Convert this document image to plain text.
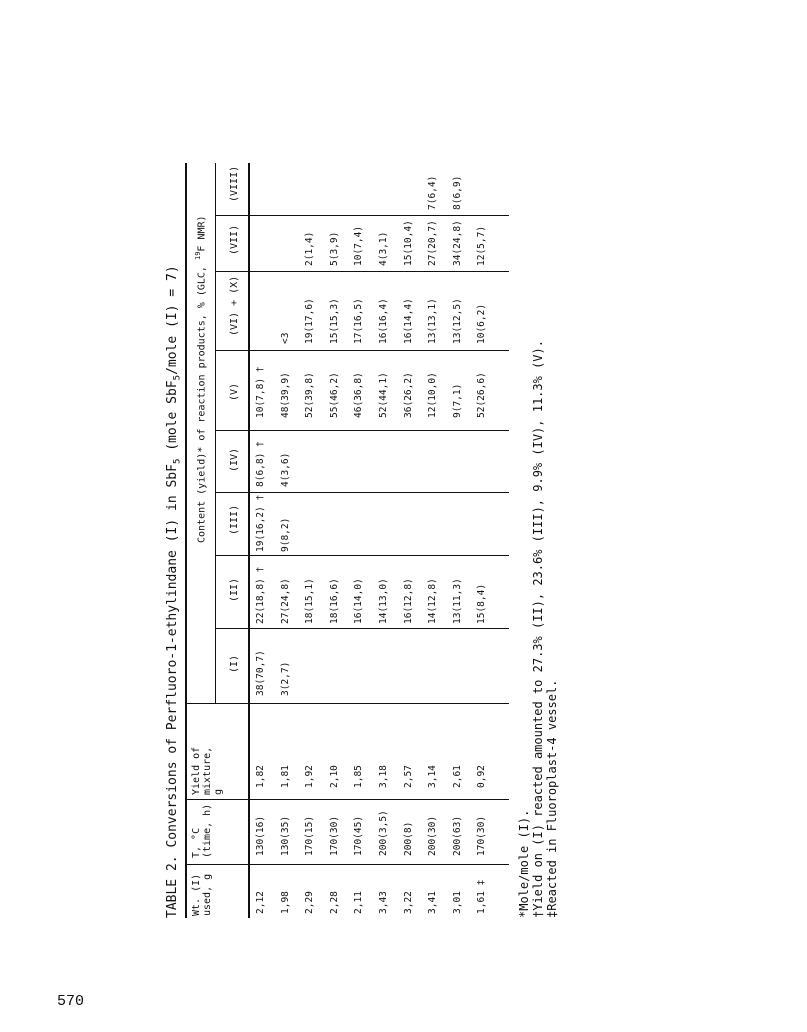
570
TABLE 2. Conversions of Perfluoro-1-ethylindane (I) in SbF$_5$ (mole SbF$_5$/mole (I) = 7)
Wt. (I) used, g
T, °C (time, h)
Yield of mixture, g
Content (yield)* of reaction products, % (GLC, $^{19}$F NMR)
(I)
(II)
(III)
(IV)
(V)
(VI) + (X)
(VII)
(VIII)
2,12
130(16)
1,82
38(70,7)
22(18,8) †
19(16,2) †
8(6,8) †
10(7,8) †
1,98
130(35)
1,81
3(2,7)
27(24,8)
9(8,2)
4(3,6)
48(39,9)
<3
2,29
170(15)
1,92
18(15,1)
52(39,8)
19(17,6)
2(1,4)
2,28
170(30)
2,10
18(16,6)
55(46,2)
15(15,3)
5(3,9)
2,11
170(45)
1,85
16(14,0)
46(36,8)
17(16,5)
10(7,4)
3,43
200(3,5)
3,18
14(13,0)
52(44,1)
16(16,4)
4(3,1)
3,22
200(8)
2,57
16(12,8)
36(26,2)
16(14,4)
15(10,4)
3,41
200(30)
3,14
14(12,8)
12(10,0)
13(13,1)
27(20,7)
7(6,4)
3,01
200(63)
2,61
13(11,3)
9(7,1)
13(12,5)
34(24,8)
8(6,9)
1,61 ‡
170(30)
0,92
15(8,4)
52(26,6)
10(6,2)
12(5,7)
*Mole/mole (I). †Yield on (I) reacted amounted to 27.3% (II), 23.6% (III), 9.9% (IV), 11.3% (V). ‡Reacted in Fluoroplast-4 vessel.
